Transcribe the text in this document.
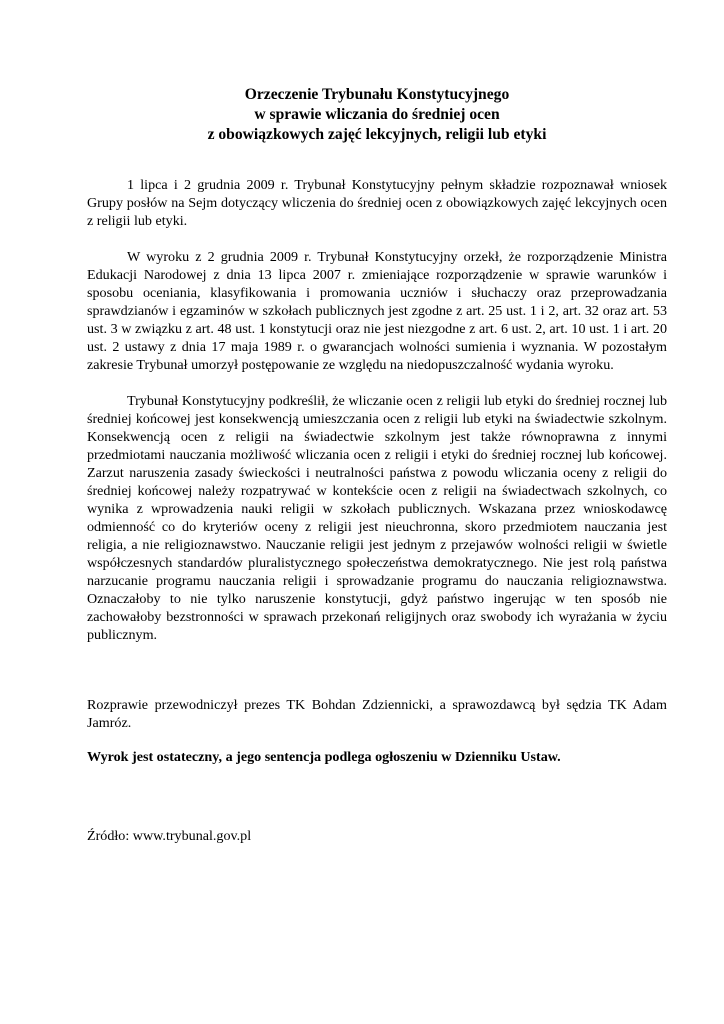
Orzeczenie Trybunału Konstytucyjnego
w sprawie wliczania do średniej ocen
z obowiązkowych zajęć lekcyjnych, religii lub etyki

1 lipca i 2 grudnia 2009 r. Trybunał Konstytucyjny pełnym składzie rozpoznawał wniosek Grupy posłów na Sejm dotyczący wliczenia do średniej ocen z obowiązkowych zajęć lekcyjnych ocen z religii lub etyki.

W wyroku z 2 grudnia 2009 r. Trybunał Konstytucyjny orzekł, że rozporządzenie Ministra Edukacji Narodowej z dnia 13 lipca 2007 r. zmieniające rozporządzenie w sprawie warunków i sposobu oceniania, klasyfikowania i promowania uczniów i słuchaczy oraz przeprowadzania sprawdzianów i egzaminów w szkołach publicznych jest zgodne z art. 25 ust. 1 i 2, art. 32 oraz art. 53 ust. 3 w związku z art. 48 ust. 1 konstytucji oraz nie jest niezgodne z art. 6 ust. 2, art. 10 ust. 1 i art. 20 ust. 2 ustawy z dnia 17 maja 1989 r. o gwarancjach wolności sumienia i wyznania. W pozostałym zakresie Trybunał umorzył postępowanie ze względu na niedopuszczalność wydania wyroku.

Trybunał Konstytucyjny podkreślił, że wliczanie ocen z religii lub etyki do średniej rocznej lub średniej końcowej jest konsekwencją umieszczania ocen z religii lub etyki na świadectwie szkolnym. Konsekwencją ocen z religii na świadectwie szkolnym jest także równoprawna z innymi przedmiotami nauczania możliwość wliczania ocen z religii i etyki do średniej rocznej lub końcowej. Zarzut naruszenia zasady świeckości i neutralności państwa z powodu wliczania oceny z religii do średniej końcowej należy rozpatrywać w kontekście ocen z religii na świadectwach szkolnych, co wynika z wprowadzenia nauki religii w szkołach publicznych. Wskazana przez wnioskodawcę odmienność co do kryteriów oceny z religii jest nieuchronna, skoro przedmiotem nauczania jest religia, a nie religioznawstwo. Nauczanie religii jest jednym z przejawów wolności religii w świetle współczesnych standardów pluralistycznego społeczeństwa demokratycznego. Nie jest rolą państwa narzucanie programu nauczania religii i sprowadzanie programu do nauczania religioznawstwa. Oznaczałoby to nie tylko naruszenie konstytucji, gdyż państwo ingerując w ten sposób nie zachowałoby bezstronności w sprawach przekonań religijnych oraz swobody ich wyrażania w życiu publicznym.

Rozprawie przewodniczył prezes TK Bohdan Zdziennicki, a sprawozdawcą był sędzia TK Adam Jamróz.

Wyrok jest ostateczny, a jego sentencja podlega ogłoszeniu w Dzienniku Ustaw.

Źródło: www.trybunal.gov.pl
